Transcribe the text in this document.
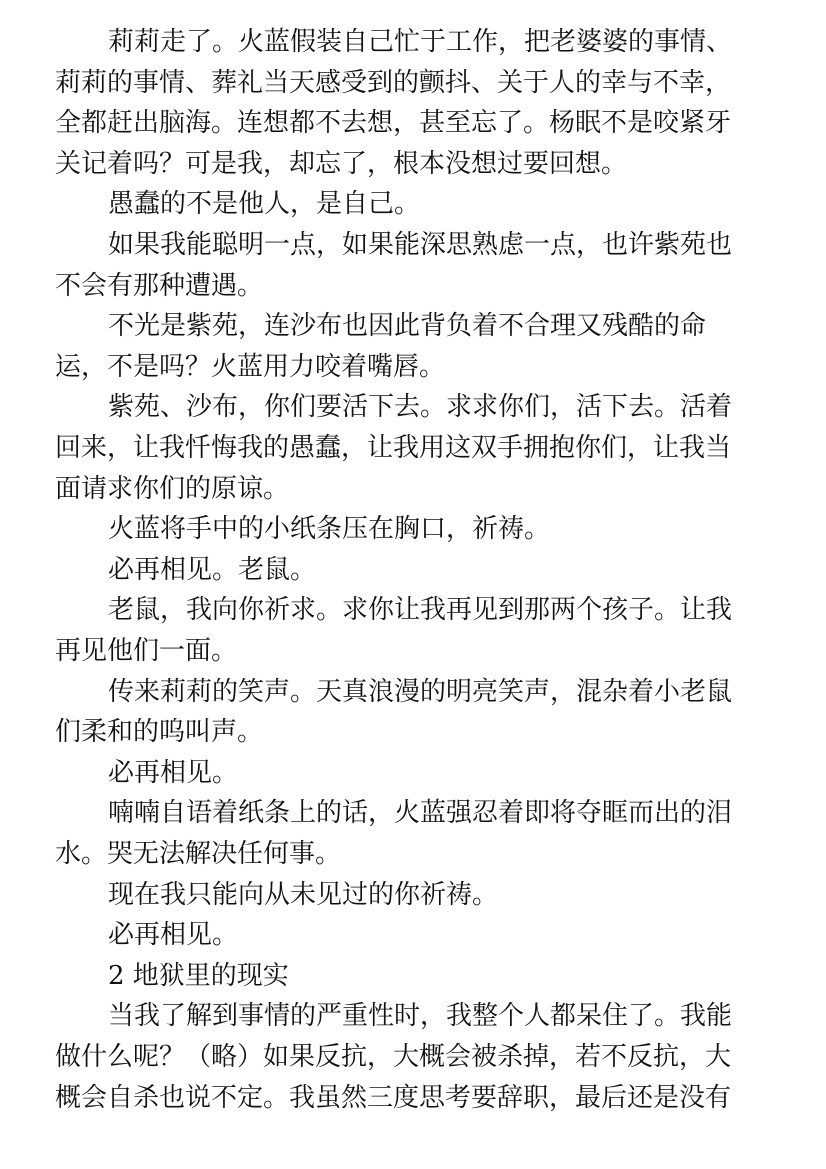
莉莉走了。火蓝假装自己忙于工作，把老婆婆的事情、
莉莉的事情、葬礼当天感受到的颤抖、关于人的幸与不幸，
全都赶出脑海。连想都不去想，甚至忘了。杨眠不是咬紧牙
关记着吗？可是我，却忘了，根本没想过要回想。
愚蠢的不是他人，是自己。
如果我能聪明一点，如果能深思熟虑一点，也许紫苑也
不会有那种遭遇。
不光是紫苑，连沙布也因此背负着不合理又残酷的命
运，不是吗？火蓝用力咬着嘴唇。
紫苑、沙布，你们要活下去。求求你们，活下去。活着
回来，让我忏悔我的愚蠢，让我用这双手拥抱你们，让我当
面请求你们的原谅。
火蓝将手中的小纸条压在胸口，祈祷。
必再相见。老鼠。
老鼠，我向你祈求。求你让我再见到那两个孩子。让我
再见他们一面。
传来莉莉的笑声。天真浪漫的明亮笑声，混杂着小老鼠
们柔和的呜叫声。
必再相见。
喃喃自语着纸条上的话，火蓝强忍着即将夺眶而出的泪
水。哭无法解决任何事。
现在我只能向从未见过的你祈祷。
必再相见。
2 地狱里的现实
当我了解到事情的严重性时，我整个人都呆住了。我能
做什么呢？（略）如果反抗，大概会被杀掉，若不反抗，大
概会自杀也说不定。我虽然三度思考要辞职，最后还是没有
